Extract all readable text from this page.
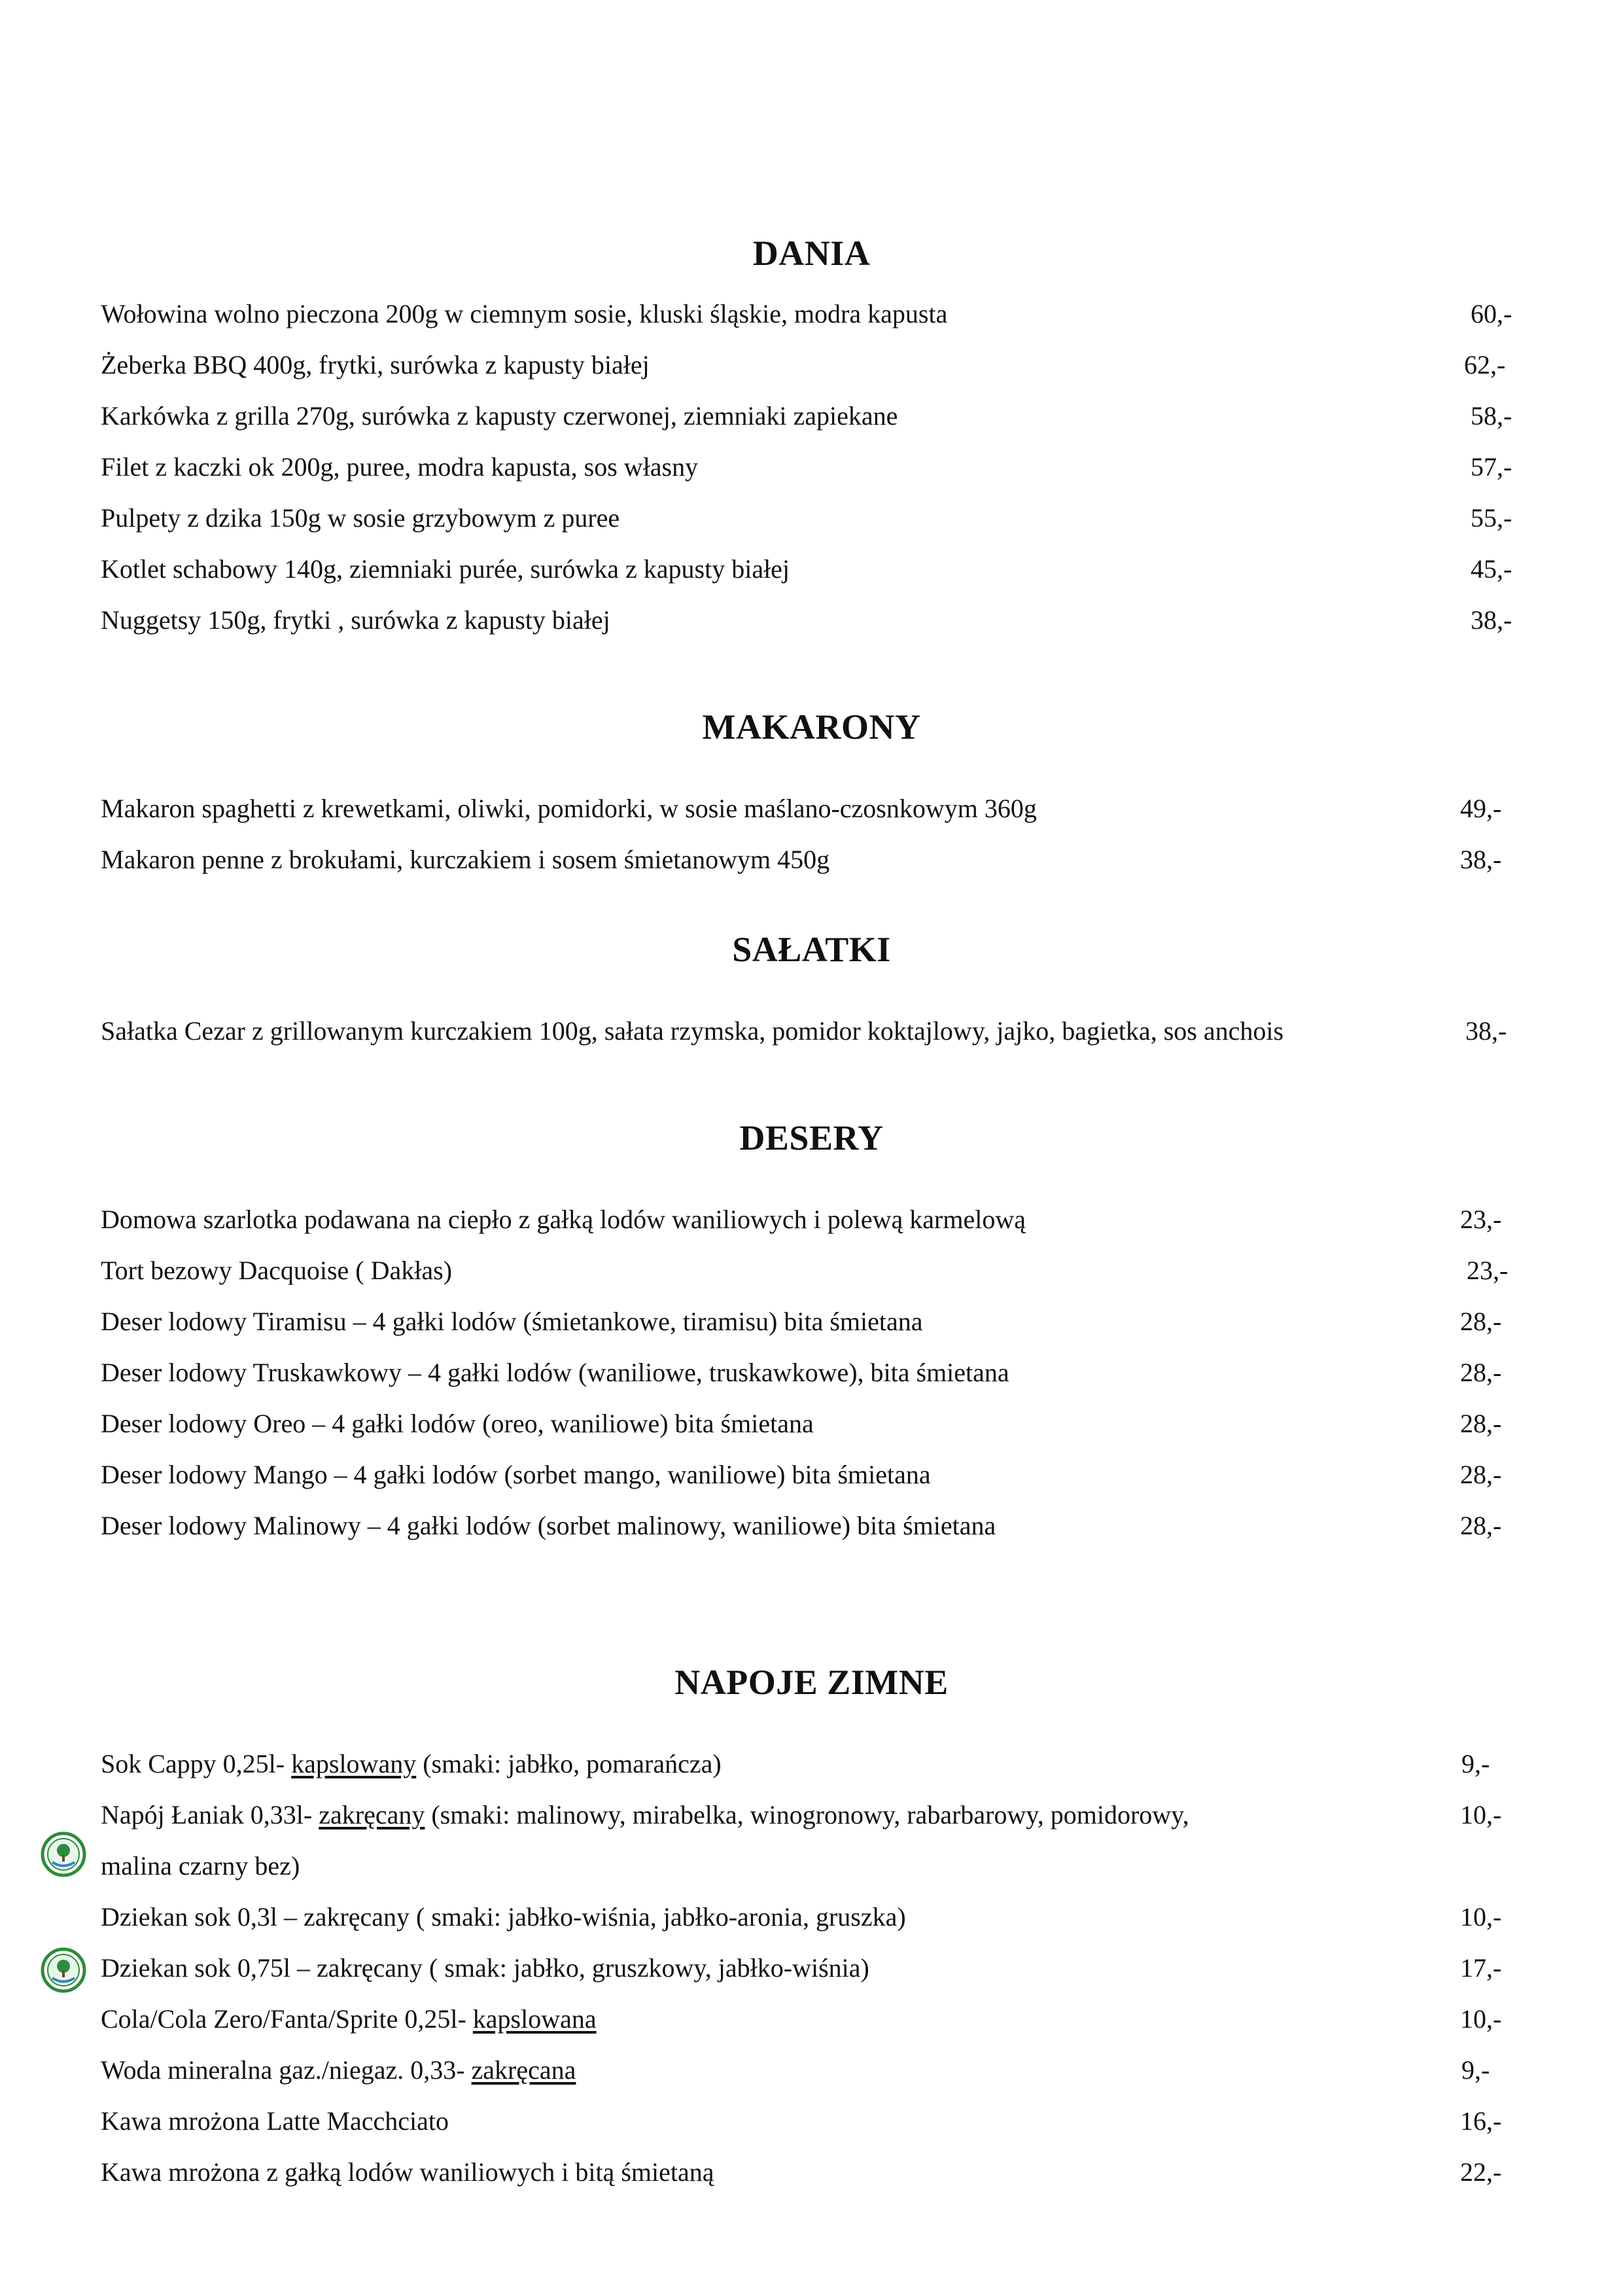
DANIA
Wołowina wolno pieczona 200g w ciemnym sosie, kluski śląskie, modra kapusta	60,-
Żeberka BBQ 400g, frytki, surówka z kapusty białej	62,-
Karkówka z grilla 270g, surówka z kapusty czerwonej, ziemniaki zapiekane	58,-
Filet z kaczki ok 200g, puree, modra kapusta, sos własny	57,-
Pulpety z dzika 150g w sosie grzybowym z puree	55,-
Kotlet schabowy 140g, ziemniaki purée, surówka z kapusty białej	45,-
Nuggetsy 150g, frytki , surówka z kapusty białej	38,-
MAKARONY
Makaron spaghetti z krewetkami, oliwki, pomidorki, w sosie maślano-czosnkowym 360g	49,-
Makaron penne z brokułami, kurczakiem i sosem śmietanowym 450g	38,-
SAŁATKI
Sałatka Cezar z grillowanym kurczakiem 100g, sałata rzymska, pomidor koktajlowy, jajko, bagietka, sos anchois	38,-
DESERY
Domowa szarlotka podawana na ciepło z gałką lodów waniliowych i polewą karmelową	23,-
Tort bezowy Dacquoise ( Dakłas)	23,-
Deser lodowy Tiramisu – 4 gałki lodów (śmietankowe, tiramisu) bita śmietana	28,-
Deser lodowy Truskawkowy – 4 gałki lodów (waniliowe, truskawkowe), bita śmietana	28,-
Deser lodowy Oreo – 4 gałki lodów (oreo, waniliowe) bita śmietana	28,-
Deser lodowy Mango – 4 gałki lodów (sorbet mango, waniliowe) bita śmietana	28,-
Deser lodowy Malinowy – 4 gałki lodów (sorbet malinowy, waniliowe) bita śmietana	28,-
NAPOJE ZIMNE
Sok Cappy 0,25l- kapslowany (smaki: jabłko, pomarańcza)	9,-
Napój Łaniak 0,33l- zakręcany (smaki: malinowy, mirabelka, winogronowy, rabarbarowy, pomidorowy,	10,-
malina czarny bez)
Dziekan sok 0,3l – zakręcany ( smaki: jabłko-wiśnia, jabłko-aronia, gruszka)	10,-
Dziekan sok 0,75l – zakręcany ( smak: jabłko, gruszkowy, jabłko-wiśnia)	17,-
Cola/Cola Zero/Fanta/Sprite 0,25l- kapslowana	10,-
Woda mineralna gaz./niegaz. 0,33- zakręcana	9,-
Kawa mrożona Latte Macchciato	16,-
Kawa mrożona z gałką lodów waniliowych i bitą śmietaną	22,-
